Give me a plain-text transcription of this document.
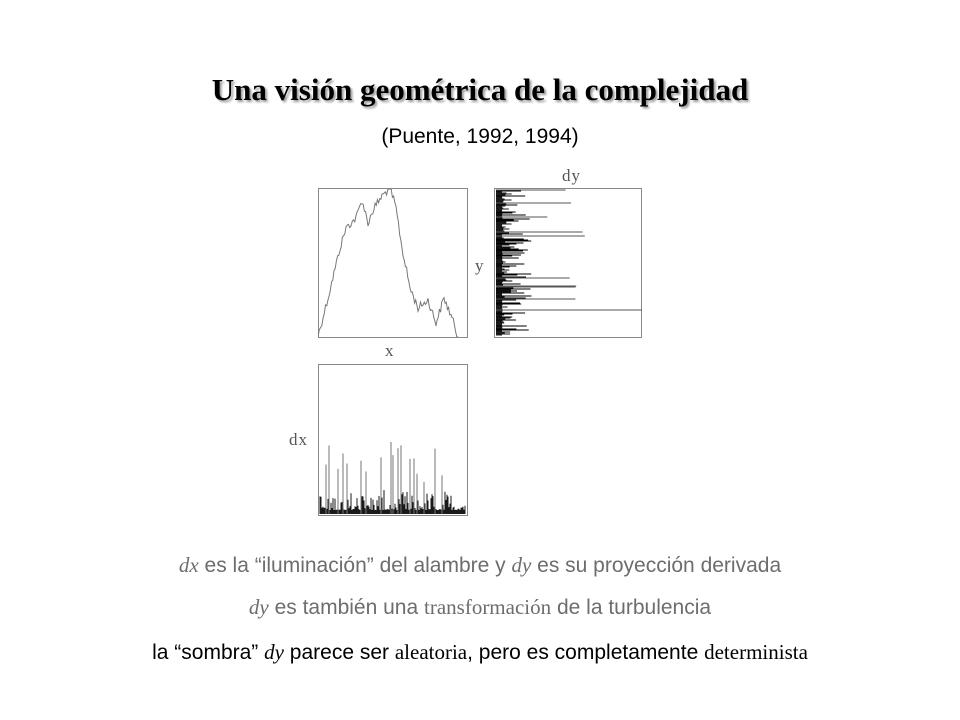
Una visión geométrica de la complejidad
(Puente, 1992, 1994)
dy
y
x
dx
dx es la “iluminación” del alambre y dy es su proyección derivada
dy es también una transformación de la turbulencia
la “sombra” dy parece ser aleatoria, pero es completamente determinista
